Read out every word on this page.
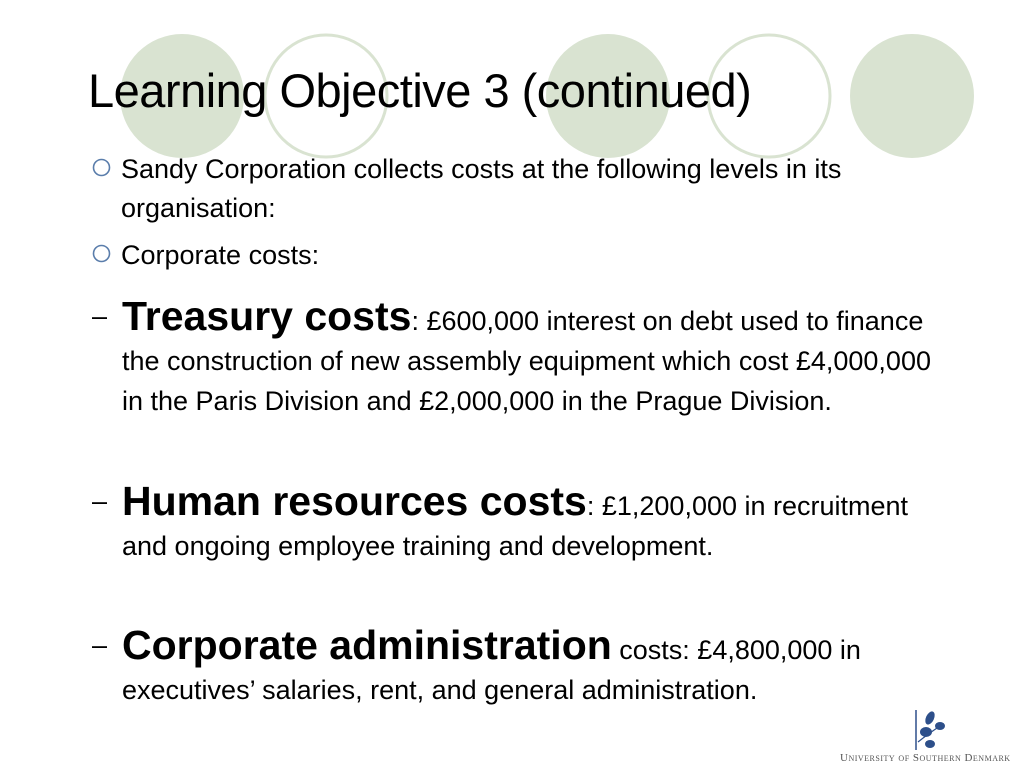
Learning Objective 3 (continued)
Sandy Corporation collects costs at the following levels in its organisation:
Corporate costs:
– Treasury costs: £600,000 interest on debt used to finance the construction of new assembly equipment which cost £4,000,000 in the Paris Division and £2,000,000 in the Prague Division.
– Human resources costs: £1,200,000 in recruitment and ongoing employee training and development.
– Corporate administration costs: £4,800,000 in executives’ salaries, rent, and general administration.
University of Southern Denmark
